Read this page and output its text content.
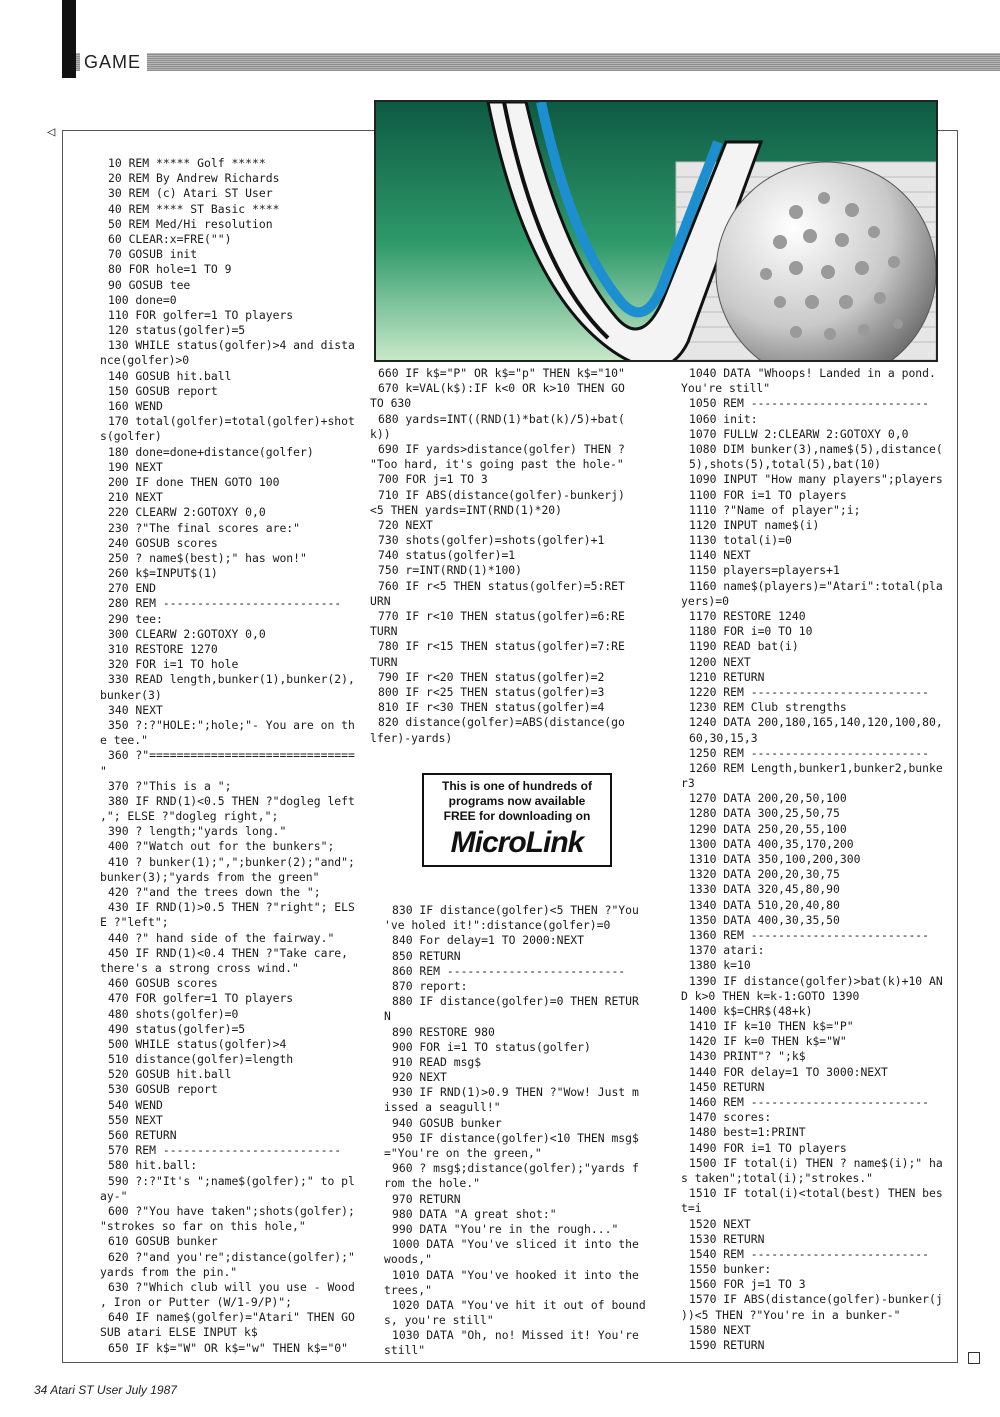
GAME
◁
10 REM ***** Golf *****
20 REM By Andrew Richards
30 REM (c) Atari ST User
40 REM **** ST Basic ****
50 REM Med/Hi resolution
60 CLEAR:x=FRE("")
70 GOSUB init
80 FOR hole=1 TO 9
90 GOSUB tee
100 done=0
110 FOR golfer=1 TO players
120 status(golfer)=5
130 WHILE status(golfer)>4 and dista
nce(golfer)>0
140 GOSUB hit.ball
150 GOSUB report
160 WEND
170 total(golfer)=total(golfer)+shot
s(golfer)
180 done=done+distance(golfer)
190 NEXT
200 IF done THEN GOTO 100
210 NEXT
220 CLEARW 2:GOTOXY 0,0
230 ?"The final scores are:"
240 GOSUB scores
250 ? name$(best);" has won!"
260 k$=INPUT$(1)
270 END
280 REM --------------------------
290 tee:
300 CLEARW 2:GOTOXY 0,0
310 RESTORE 1270
320 FOR i=1 TO hole
330 READ length,bunker(1),bunker(2),
bunker(3)
340 NEXT
350 ?:?"HOLE:";hole;"- You are on th
e tee."
360 ?"==============================
"
370 ?"This is a ";
380 IF RND(1)<0.5 THEN ?"dogleg left
,"; ELSE ?"dogleg right,";
390 ? length;"yards long."
400 ?"Watch out for the bunkers";
410 ? bunker(1);",";bunker(2);"and";
bunker(3);"yards from the green"
420 ?"and the trees down the ";
430 IF RND(1)>0.5 THEN ?"right"; ELS
E ?"left";
440 ?" hand side of the fairway."
450 IF RND(1)<0.4 THEN ?"Take care,
there's a strong cross wind."
460 GOSUB scores
470 FOR golfer=1 TO players
480 shots(golfer)=0
490 status(golfer)=5
500 WHILE status(golfer)>4
510 distance(golfer)=length
520 GOSUB hit.ball
530 GOSUB report
540 WEND
550 NEXT
560 RETURN
570 REM --------------------------
580 hit.ball:
590 ?:?"It's ";name$(golfer);" to pl
ay-"
600 ?"You have taken";shots(golfer);
"strokes so far on this hole,"
610 GOSUB bunker
620 ?"and you're";distance(golfer);"
yards from the pin."
630 ?"Which club will you use - Wood
, Iron or Putter (W/1-9/P)";
640 IF name$(golfer)="Atari" THEN GO
SUB atari ELSE INPUT k$
650 IF k$="W" OR k$="w" THEN k$="0"
660 IF k$="P" OR k$="p" THEN k$="10"
670 k=VAL(k$):IF k<0 OR k>10 THEN GO
TO 630
680 yards=INT((RND(1)*bat(k)/5)+bat(
k))
690 IF yards>distance(golfer) THEN ?
"Too hard, it's going past the hole-"
700 FOR j=1 TO 3
710 IF ABS(distance(golfer)-bunkerj)
<5 THEN yards=INT(RND(1)*20)
720 NEXT
730 shots(golfer)=shots(golfer)+1
740 status(golfer)=1
750 r=INT(RND(1)*100)
760 IF r<5 THEN status(golfer)=5:RET
URN
770 IF r<10 THEN status(golfer)=6:RE
TURN
780 IF r<15 THEN status(golfer)=7:RE
TURN
790 IF r<20 THEN status(golfer)=2
800 IF r<25 THEN status(golfer)=3
810 IF r<30 THEN status(golfer)=4
820 distance(golfer)=ABS(distance(go
lfer)-yards)
830 IF distance(golfer)<5 THEN ?"You
've holed it!":distance(golfer)=0
840 For delay=1 TO 2000:NEXT
850 RETURN
860 REM --------------------------
870 report:
880 IF distance(golfer)=0 THEN RETUR
N
890 RESTORE 980
900 FOR i=1 TO status(golfer)
910 READ msg$
920 NEXT
930 IF RND(1)>0.9 THEN ?"Wow! Just m
issed a seagull!"
940 GOSUB bunker
950 IF distance(golfer)<10 THEN msg$
="You're on the green,"
960 ? msg$;distance(golfer);"yards f
rom the hole."
970 RETURN
980 DATA "A great shot:"
990 DATA "You're in the rough..."
1000 DATA "You've sliced it into the
woods,"
1010 DATA "You've hooked it into the
trees,"
1020 DATA "You've hit it out of bound
s, you're still"
1030 DATA "Oh, no! Missed it! You're
still"
1040 DATA "Whoops! Landed in a pond.
You're still"
1050 REM --------------------------
1060 init:
1070 FULLW 2:CLEARW 2:GOTOXY 0,0
1080 DIM bunker(3),name$(5),distance(
5),shots(5),total(5),bat(10)
1090 INPUT "How many players";players
1100 FOR i=1 TO players
1110 ?"Name of player";i;
1120 INPUT name$(i)
1130 total(i)=0
1140 NEXT
1150 players=players+1
1160 name$(players)="Atari":total(pla
yers)=0
1170 RESTORE 1240
1180 FOR i=0 TO 10
1190 READ bat(i)
1200 NEXT
1210 RETURN
1220 REM --------------------------
1230 REM Club strengths
1240 DATA 200,180,165,140,120,100,80,
60,30,15,3
1250 REM --------------------------
1260 REM Length,bunker1,bunker2,bunke
r3
1270 DATA 200,20,50,100
1280 DATA 300,25,50,75
1290 DATA 250,20,55,100
1300 DATA 400,35,170,200
1310 DATA 350,100,200,300
1320 DATA 200,20,30,75
1330 DATA 320,45,80,90
1340 DATA 510,20,40,80
1350 DATA 400,30,35,50
1360 REM --------------------------
1370 atari:
1380 k=10
1390 IF distance(golfer)>bat(k)+10 AN
D k>0 THEN k=k-1:GOTO 1390
1400 k$=CHR$(48+k)
1410 IF k=10 THEN k$="P"
1420 IF k=0 THEN k$="W"
1430 PRINT"? ";k$
1440 FOR delay=1 TO 3000:NEXT
1450 RETURN
1460 REM --------------------------
1470 scores:
1480 best=1:PRINT
1490 FOR i=1 TO players
1500 IF total(i) THEN ? name$(i);" ha
s taken";total(i);"strokes."
1510 IF total(i)<total(best) THEN bes
t=i
1520 NEXT
1530 RETURN
1540 REM --------------------------
1550 bunker:
1560 FOR j=1 TO 3
1570 IF ABS(distance(golfer)-bunker(j
))<5 THEN ?"You're in a bunker-"
1580 NEXT
1590 RETURN
This is one of hundreds of
programs now available
FREE for downloading on
MicroLink
34 Atari ST User July 1987
